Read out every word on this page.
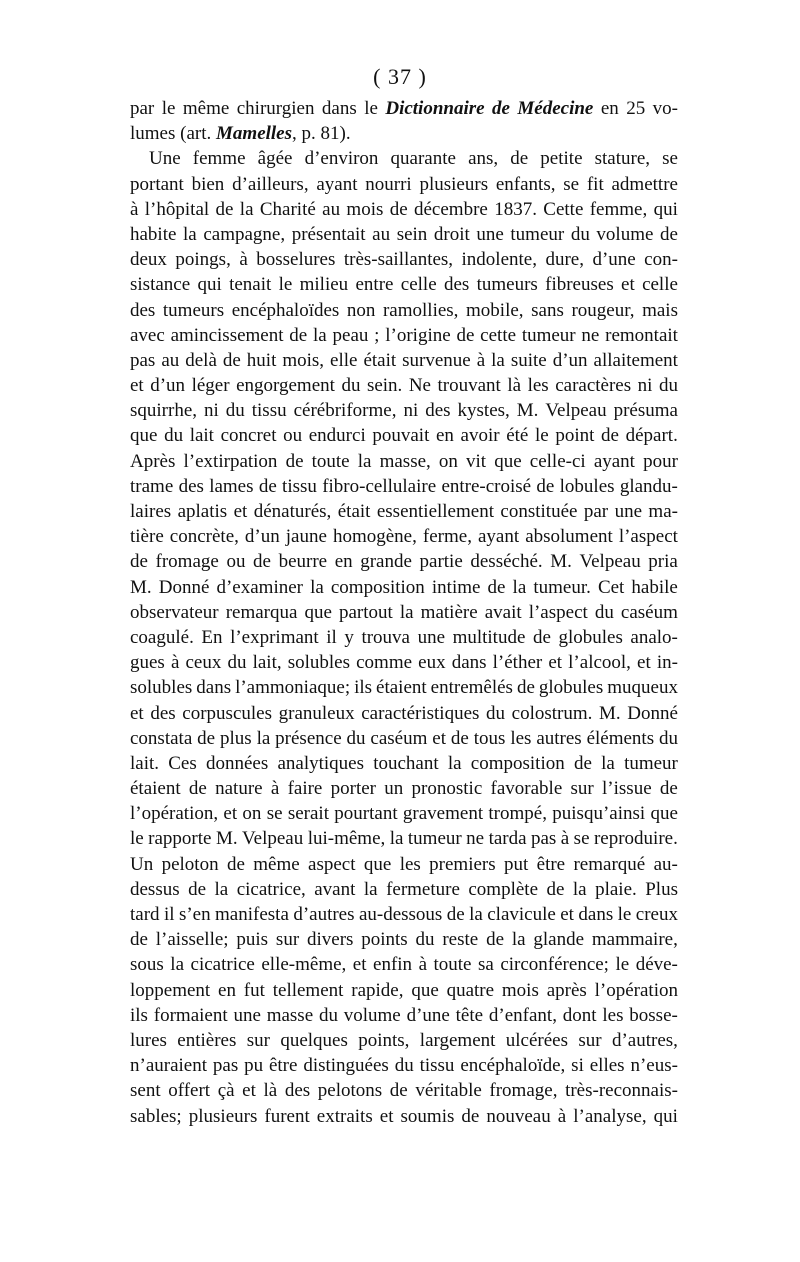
( 37 )
par le même chirurgien dans le Dictionnaire de Médecine en 25 vo-
lumes (art. Mamelles , p. 81).
Une femme âgée d’environ quarante ans, de petite stature, se
portant bien d’ailleurs, ayant nourri plusieurs enfants, se fit admettre
à l’hôpital de la Charité au mois de décembre 1837. Cette femme, qui
habite la campagne, présentait au sein droit une tumeur du volume de
deux poings, à bosselures très-saillantes, indolente, dure, d’une con-
sistance qui tenait le milieu entre celle des tumeurs fibreuses et celle
des tumeurs encéphaloïdes non ramollies, mobile, sans rougeur, mais
avec amincissement de la peau ; l’origine de cette tumeur ne remontait
pas au delà de huit mois, elle était survenue à la suite d’un allaitement
et d’un léger engorgement du sein. Ne trouvant là les caractères ni du
squirrhe, ni du tissu cérébriforme, ni des kystes, M. Velpeau présuma
que du lait concret ou endurci pouvait en avoir été le point de départ.
Après l’extirpation de toute la masse, on vit que celle-ci ayant pour
trame des lames de tissu fibro-cellulaire entre-croisé de lobules glandu-
laires aplatis et dénaturés, était essentiellement constituée par une ma-
tière concrète, d’un jaune homogène, ferme, ayant absolument l’aspect
de fromage ou de beurre en grande partie desséché. M. Velpeau pria
M. Donné d’examiner la composition intime de la tumeur. Cet habile
observateur remarqua que partout la matière avait l’aspect du caséum
coagulé. En l’exprimant il y trouva une multitude de globules analo-
gues à ceux du lait, solubles comme eux dans l’éther et l’alcool, et in-
solubles dans l’ammoniaque; ils étaient entremêlés de globules muqueux
et des corpuscules granuleux caractéristiques du colostrum. M. Donné
constata de plus la présence du caséum et de tous les autres éléments du
lait. Ces données analytiques touchant la composition de la tumeur
étaient de nature à faire porter un pronostic favorable sur l’issue de
l’opération, et on se serait pourtant gravement trompé, puisqu’ainsi que
le rapporte M. Velpeau lui-même, la tumeur ne tarda pas à se reproduire.
Un peloton de même aspect que les premiers put être remarqué au-
dessus de la cicatrice, avant la fermeture complète de la plaie. Plus
tard il s’en manifesta d’autres au-dessous de la clavicule et dans le creux
de l’aisselle; puis sur divers points du reste de la glande mammaire,
sous la cicatrice elle-même, et enfin à toute sa circonférence; le déve-
loppement en fut tellement rapide, que quatre mois après l’opération
ils formaient une masse du volume d’une tête d’enfant, dont les bosse-
lures entières sur quelques points, largement ulcérées sur d’autres,
n’auraient pas pu être distinguées du tissu encéphaloïde, si elles n’eus-
sent offert çà et là des pelotons de véritable fromage, très-reconnais-
sables; plusieurs furent extraits et soumis de nouveau à l’analyse, qui
